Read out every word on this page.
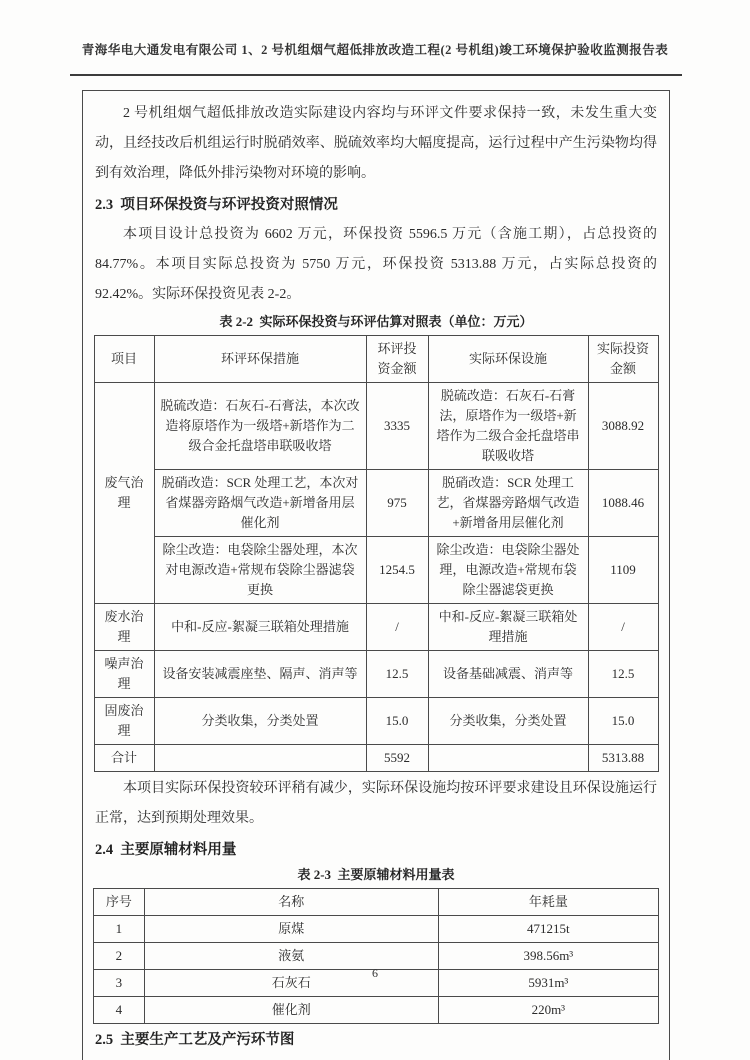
青海华电大通发电有限公司 1、2 号机组烟气超低排放改造工程(2 号机组)竣工环境保护验收监测报告表

2 号机组烟气超低排放改造实际建设内容均与环评文件要求保持一致，未发生重大变动，且经技改后机组运行时脱硝效率、脱硫效率均大幅度提高，运行过程中产生污染物均得到有效治理，降低外排污染物对环境的影响。

2.3  项目环保投资与环评投资对照情况

本项目设计总投资为 6602 万元，环保投资 5596.5 万元（含施工期），占总投资的 84.77%。本项目实际总投资为 5750 万元，环保投资 5313.88 万元，占实际总投资的 92.42%。实际环保投资见表 2-2。

表 2-2  实际环保投资与环评估算对照表（单位：万元）
项目	环评环保措施	环评投资金额	实际环保设施	实际投资金额
废气治理	脱硫改造：石灰石-石膏法，本次改造将原塔作为一级塔+新塔作为二级合金托盘塔串联吸收塔	3335	脱硫改造：石灰石-石膏法，原塔作为一级塔+新塔作为二级合金托盘塔串联吸收塔	3088.92
	脱硝改造：SCR 处理工艺，本次对省煤器旁路烟气改造+新增备用层催化剂	975	脱硝改造：SCR 处理工艺，省煤器旁路烟气改造+新增备用层催化剂	1088.46
	除尘改造：电袋除尘器处理，本次对电源改造+常规布袋除尘器滤袋更换	1254.5	除尘改造：电袋除尘器处理，电源改造+常规布袋除尘器滤袋更换	1109
废水治理	中和-反应-絮凝三联箱处理措施	/	中和-反应-絮凝三联箱处理措施	/
噪声治理	设备安装减震座垫、隔声、消声等	12.5	设备基础减震、消声等	12.5
固废治理	分类收集，分类处置	15.0	分类收集，分类处置	15.0
合计		5592		5313.88

本项目实际环保投资较环评稍有减少，实际环保设施均按环评要求建设且环保设施运行正常，达到预期处理效果。

2.4  主要原辅材料用量
表 2-3  主要原辅材料用量表
序号	名称	年耗量
1	原煤	471215t
2	液氨	398.56m³
3	石灰石	5931m³
4	催化剂	220m³
2.5  主要生产工艺及产污环节图
6
